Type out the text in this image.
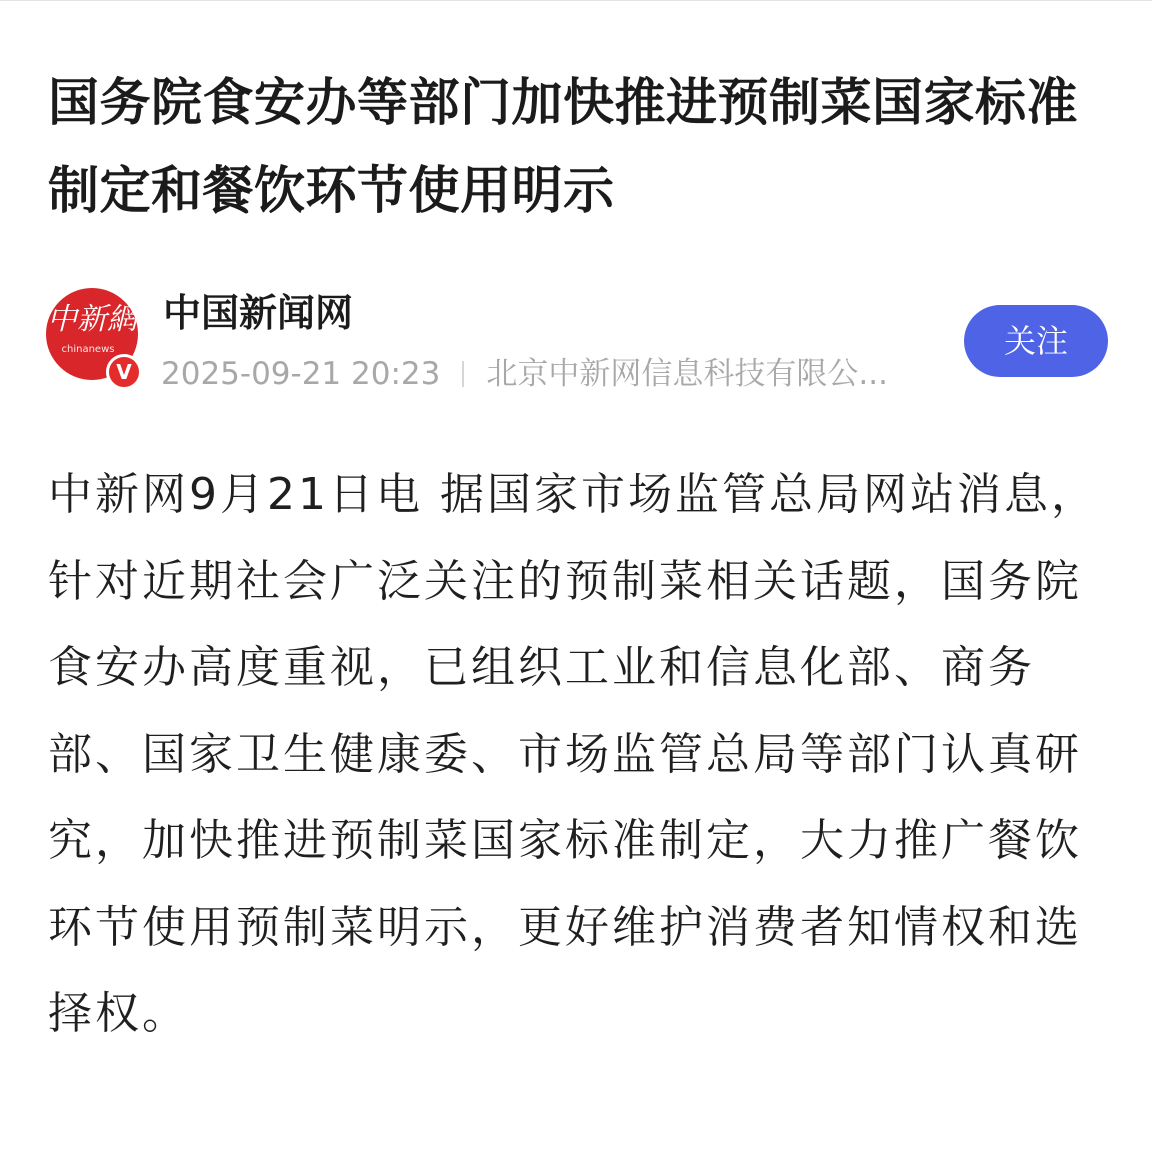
国务院食安办等部门加快推进预制菜国家标准制定和餐饮环节使用明示
中新網
chinanews
V
中国新闻网
2025-09-21 20:23 北京中新网信息科技有限公...
关注

中新网9月21日电 据国家市场监管总局网站消息，针对近期社会广泛关注的预制菜相关话题，国务院食安办高度重视，已组织工业和信息化部、商务部、国家卫生健康委、市场监管总局等部门认真研究，加快推进预制菜国家标准制定，大力推广餐饮环节使用预制菜明示，更好维护消费者知情权和选择权。
